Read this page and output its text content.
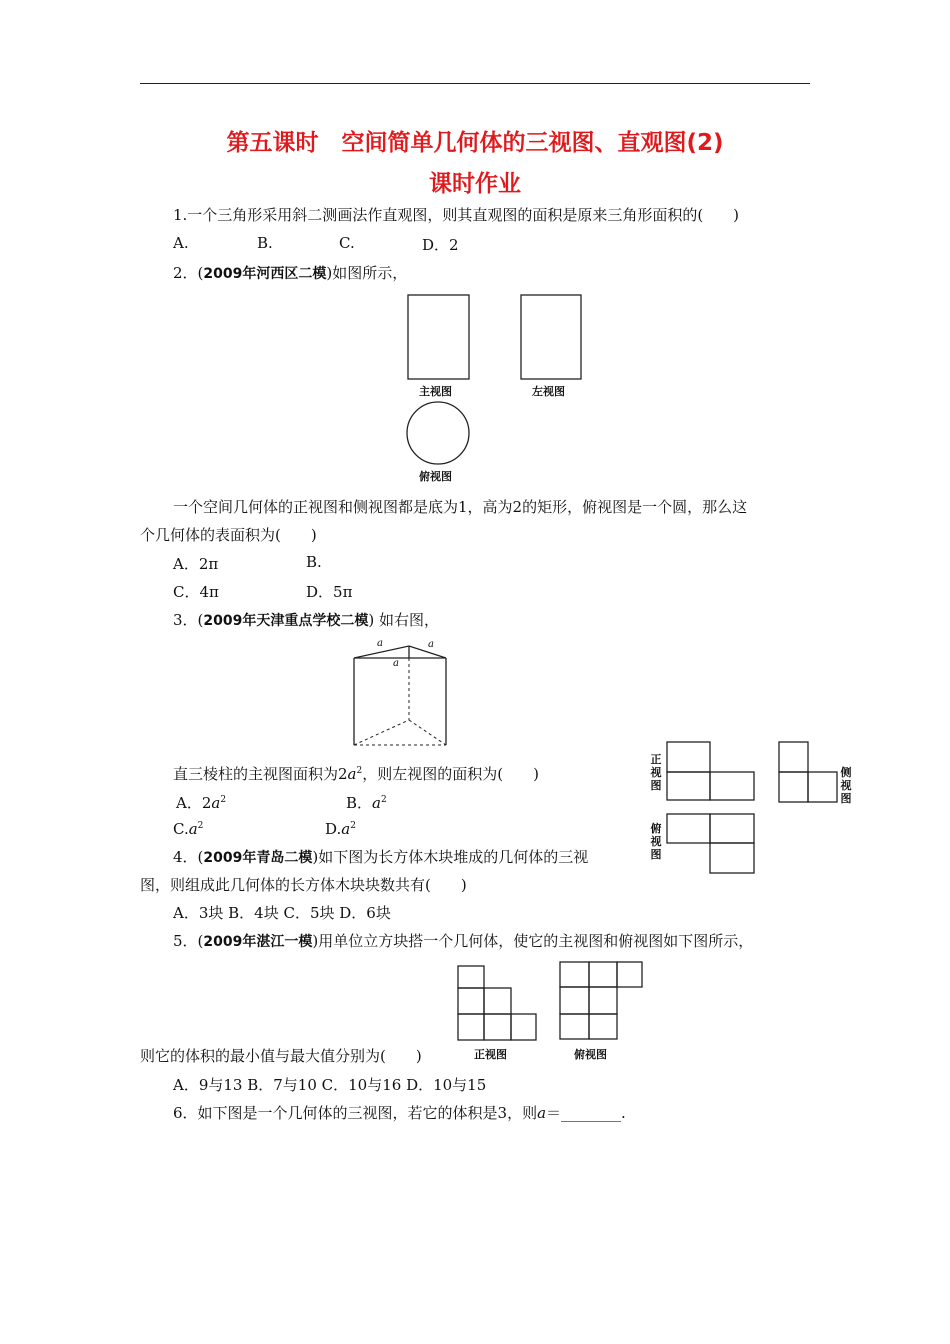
第五课时　空间简单几何体的三视图、直观图(2)
课时作业
1.一个三角形采用斜二测画法作直观图，则其直观图的面积是原来三角形面积的(　　)
A.	B.	C.	D．2
2．(2009年河西区二模)如图所示，
主视图	左视图
俯视图
一个空间几何体的正视图和侧视图都是底为1，高为2的矩形，俯视图是一个圆，那么这
个几何体的表面积为(　　)
A．2π	B.
C．4π	D．5π
3．(2009年天津重点学校二模) 如右图，
a	a
a
直三棱柱的主视图面积为$2a^2$，则左视图的面积为(　　)
A．$2a^2$	B．$a^2$
$C.a^2$	$D.a^2$
正视图
侧视图
俯视图
4．(2009年青岛二模)如下图为长方体木块堆成的几何体的三视
图，则组成此几何体的长方体木块块数共有(　　)
A．3块 B．4块 C．5块 D．6块
5．(2009年湛江一模)用单位立方块搭一个几何体，使它的主视图和俯视图如下图所示，
则它的体积的最小值与最大值分别为(　　)	正视图	俯视图
A．9与13 B．7与10 C．10与16 D．10与15
6．如下图是一个几何体的三视图，若它的体积是3，则a＝________.
